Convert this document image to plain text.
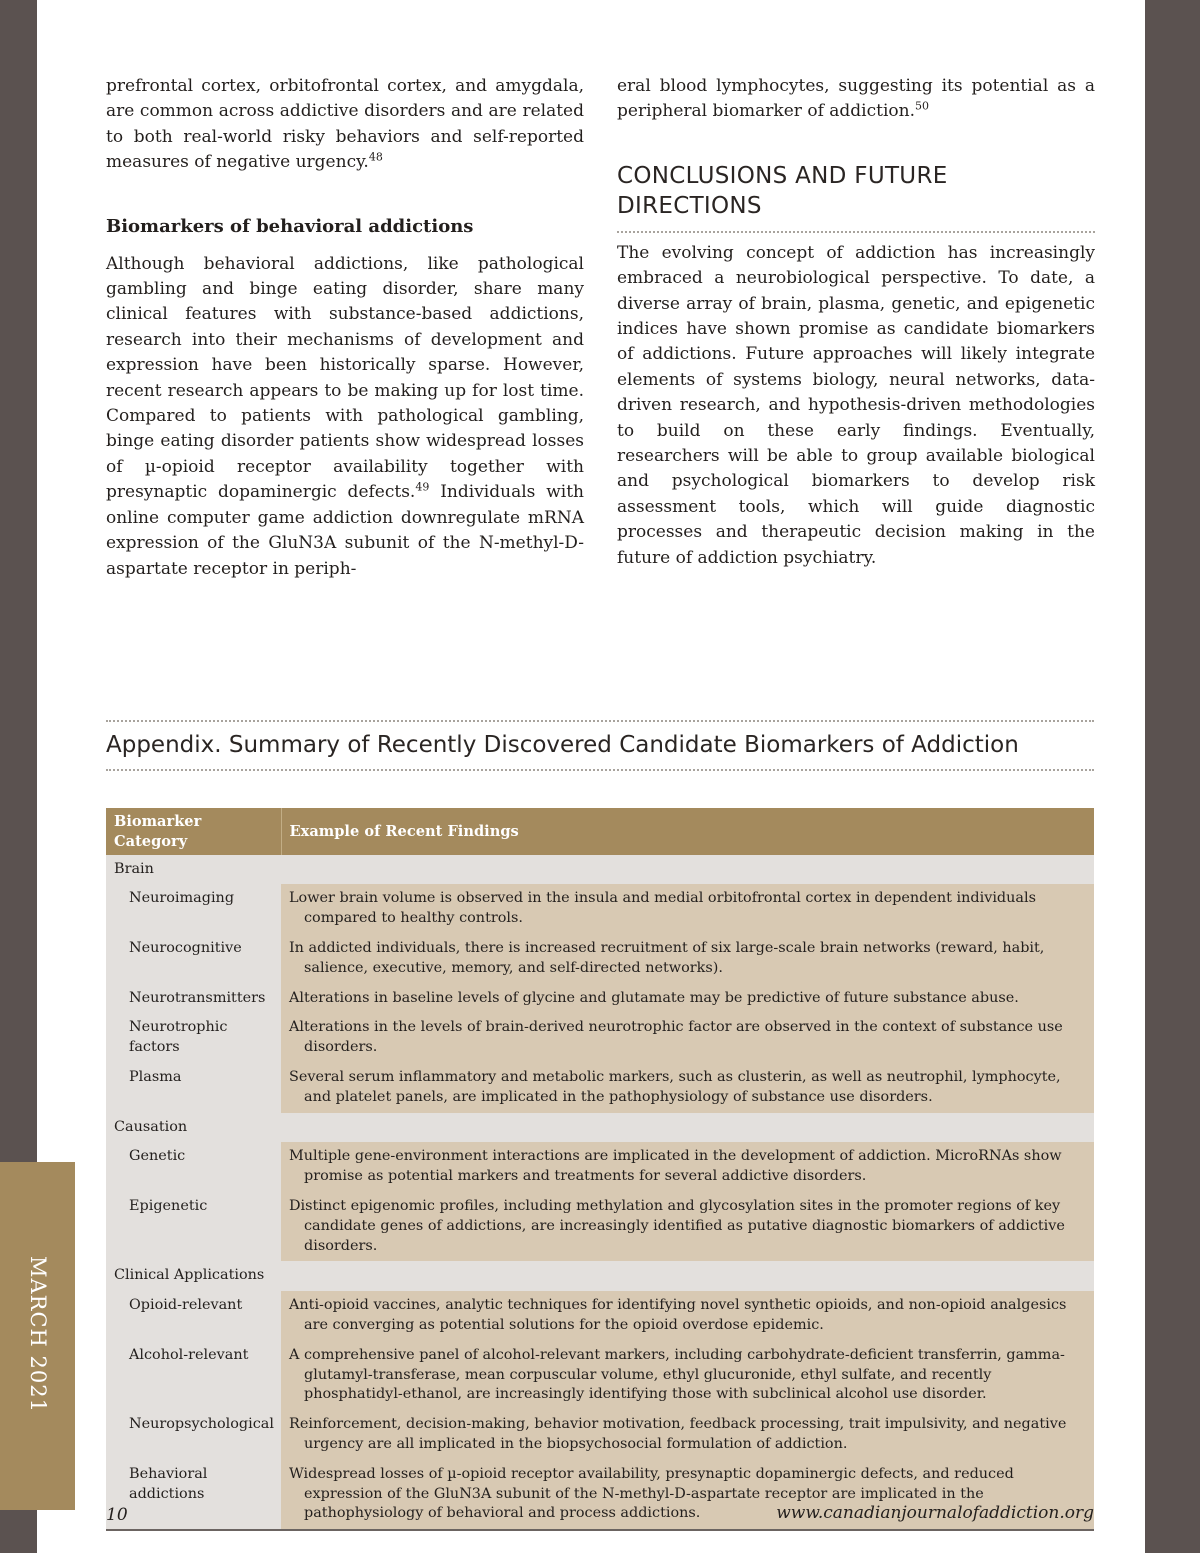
MARCH 2021

prefrontal cortex, orbitofrontal cortex, and amygdala, are common across addictive disorders and are related to both real-world risky behaviors and self-reported measures of negative urgency.$^{48}$

Biomarkers of behavioral addictions

Although behavioral addictions, like pathological gambling and binge eating disorder, share many clinical features with substance-based addictions, research into their mechanisms of development and expression have been historically sparse. However, recent research appears to be making up for lost time. Compared to patients with pathological gambling, binge eating disorder patients show widespread losses of µ-opioid receptor availability together with presynaptic dopaminergic defects.$^{49}$ Individuals with online computer game addiction downregulate mRNA expression of the GluN3A subunit of the N-methyl-D-aspartate receptor in periph-

eral blood lymphocytes, suggesting its potential as a peripheral biomarker of addiction.$^{50}$

CONCLUSIONS AND FUTURE DIRECTIONS

The evolving concept of addiction has increasingly embraced a neurobiological perspective. To date, a diverse array of brain, plasma, genetic, and epigenetic indices have shown promise as candidate biomarkers of addictions. Future approaches will likely integrate elements of systems biology, neural networks, data-driven research, and hypothesis-driven methodologies to build on these early findings. Eventually, researchers will be able to group available biological and psychological biomarkers to develop risk assessment tools, which will guide diagnostic processes and therapeutic decision making in the future of addiction psychiatry.

Appendix. Summary of Recently Discovered Candidate Biomarkers of Addiction
Biomarker Category	Example of Recent Findings
Brain	

Neuroimaging	Lower brain volume is observed in the insula and medial orbitofrontal cortex in dependent individuals compared to healthy controls.

Neurocognitive	In addicted individuals, there is increased recruitment of six large-scale brain networks (reward, habit, salience, executive, memory, and self-directed networks).

Neurotransmitters	Alterations in baseline levels of glycine and glutamate may be predictive of future substance abuse.

Neurotrophic factors	Alterations in the levels of brain-derived neurotrophic factor are observed in the context of substance use disorders.

Plasma	Several serum inflammatory and metabolic markers, such as clusterin, as well as neutrophil, lymphocyte, and platelet panels, are implicated in the pathophysiology of substance use disorders.

Causation	

Genetic	Multiple gene-environment interactions are implicated in the development of addiction. MicroRNAs show promise as potential markers and treatments for several addictive disorders.

Epigenetic	Distinct epigenomic profiles, including methylation and glycosylation sites in the promoter regions of key candidate genes of addictions, are increasingly identified as putative diagnostic biomarkers of addictive disorders.

Clinical Applications	

Opioid-relevant	Anti-opioid vaccines, analytic techniques for identifying novel synthetic opioids, and non-opioid analgesics are converging as potential solutions for the opioid overdose epidemic.

Alcohol-relevant	A comprehensive panel of alcohol-relevant markers, including carbohydrate-deficient transferrin, gamma-glutamyl-transferase, mean corpuscular volume, ethyl glucuronide, ethyl sulfate, and recently phosphatidyl-ethanol, are increasingly identifying those with subclinical alcohol use disorder.

Neuropsychological	Reinforcement, decision-making, behavior motivation, feedback processing, trait impulsivity, and negative urgency are all implicated in the biopsychosocial formulation of addiction.

Behavioral addictions	Widespread losses of µ-opioid receptor availability, presynaptic dopaminergic defects, and reduced expression of the GluN3A subunit of the N-methyl-D-aspartate receptor are implicated in the pathophysiology of behavioral and process addictions.
10	www.canadianjournalofaddiction.org
